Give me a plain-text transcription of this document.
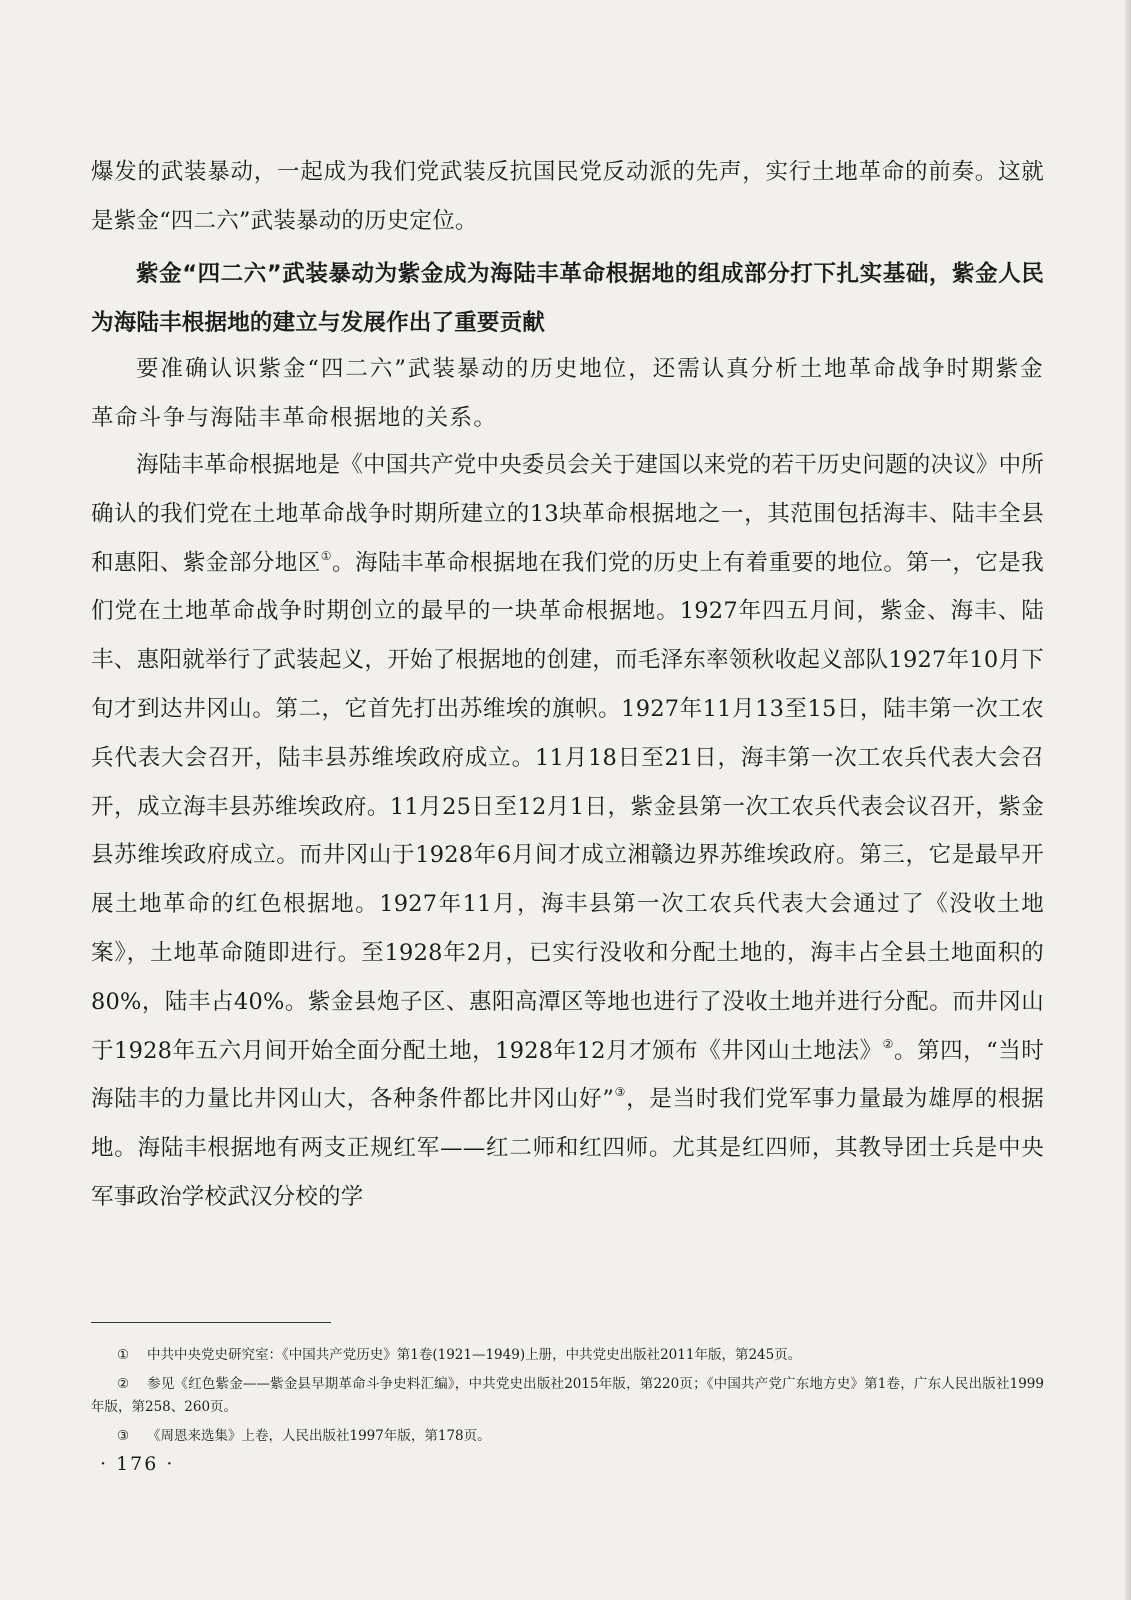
爆发的武装暴动，一起成为我们党武装反抗国民党反动派的先声，实行土地革命的前奏。这就是紫金“四二六”武装暴动的历史定位。

紫金“四二六”武装暴动为紫金成为海陆丰革命根据地的组成部分打下扎实基础，紫金人民为海陆丰根据地的建立与发展作出了重要贡献

要准确认识紫金“四二六”武装暴动的历史地位，还需认真分析土地革命战争时期紫金革命斗争与海陆丰革命根据地的关系。

海陆丰革命根据地是《中国共产党中央委员会关于建国以来党的若干历史问题的决议》中所确认的我们党在土地革命战争时期所建立的13块革命根据地之一，其范围包括海丰、陆丰全县和惠阳、紫金部分地区①。海陆丰革命根据地在我们党的历史上有着重要的地位。第一，它是我们党在土地革命战争时期创立的最早的一块革命根据地。1927年四五月间，紫金、海丰、陆丰、惠阳就举行了武装起义，开始了根据地的创建，而毛泽东率领秋收起义部队1927年10月下旬才到达井冈山。第二，它首先打出苏维埃的旗帜。1927年11月13至15日，陆丰第一次工农兵代表大会召开，陆丰县苏维埃政府成立。11月18日至21日，海丰第一次工农兵代表大会召开，成立海丰县苏维埃政府。11月25日至12月1日，紫金县第一次工农兵代表会议召开，紫金县苏维埃政府成立。而井冈山于1928年6月间才成立湘赣边界苏维埃政府。第三，它是最早开展土地革命的红色根据地。1927年11月，海丰县第一次工农兵代表大会通过了《没收土地案》，土地革命随即进行。至1928年2月，已实行没收和分配土地的，海丰占全县土地面积的80%，陆丰占40%。紫金县炮子区、惠阳高潭区等地也进行了没收土地并进行分配。而井冈山于1928年五六月间开始全面分配土地，1928年12月才颁布《井冈山土地法》②。第四，“当时海陆丰的力量比井冈山大，各种条件都比井冈山好”③，是当时我们党军事力量最为雄厚的根据地。海陆丰根据地有两支正规红军——红二师和红四师。尤其是红四师，其教导团士兵是中央军事政治学校武汉分校的学

① 中共中央党史研究室：《中国共产党历史》第1卷(1921—1949)上册，中共党史出版社2011年版，第245页。

② 参见《红色紫金——紫金县早期革命斗争史料汇编》，中共党史出版社2015年版，第220页；《中国共产党广东地方史》第1卷，广东人民出版社1999年版，第258、260页。

③ 《周恩来选集》上卷，人民出版社1997年版，第178页。

· 176 ·
